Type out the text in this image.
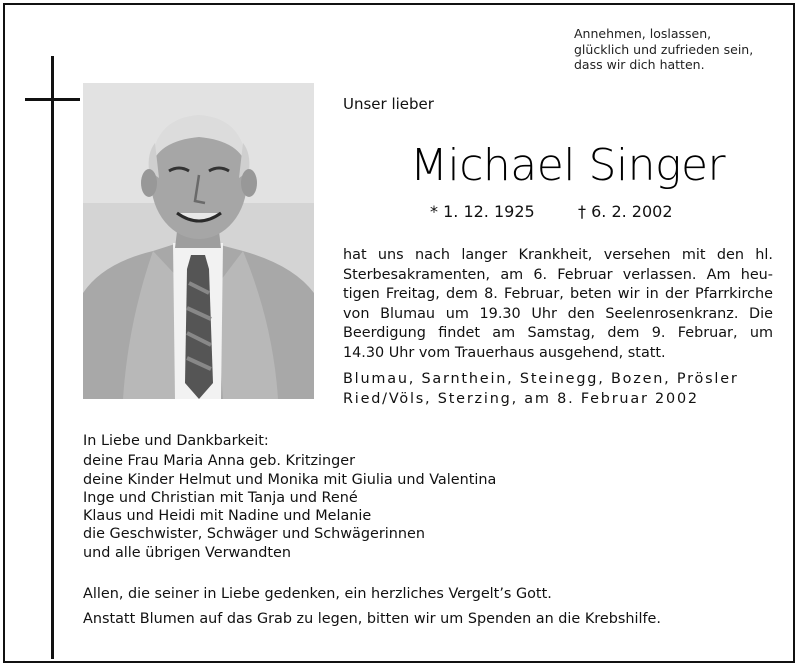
Annehmen, loslassen,
glücklich und zufrieden sein,
dass wir dich hatten.
Unser lieber
Michael Singer
* 1. 12. 1925	† 6. 2. 2002
hat uns nach langer Krankheit, versehen mit den hl.
Sterbesakramenten, am 6. Februar verlassen. Am heu-
tigen Freitag, dem 8. Februar, beten wir in der Pfarrkirche
von Blumau um 19.30 Uhr den Seelenrosenkranz. Die
Beerdigung findet am Samstag, dem 9. Februar, um
14.30 Uhr vom Trauerhaus ausgehend, statt.
Blumau, Sarnthein, Steinegg, Bozen, Prösler
Ried/Völs, Sterzing, am 8. Februar 2002
In Liebe und Dankbarkeit:
deine Frau Maria Anna geb. Kritzinger
deine Kinder Helmut und Monika mit Giulia und Valentina
Inge und Christian mit Tanja und René
Klaus und Heidi mit Nadine und Melanie
die Geschwister, Schwäger und Schwägerinnen
und alle übrigen Verwandten
Allen, die seiner in Liebe gedenken, ein herzliches Vergelt’s Gott.
Anstatt Blumen auf das Grab zu legen, bitten wir um Spenden an die Krebshilfe.
